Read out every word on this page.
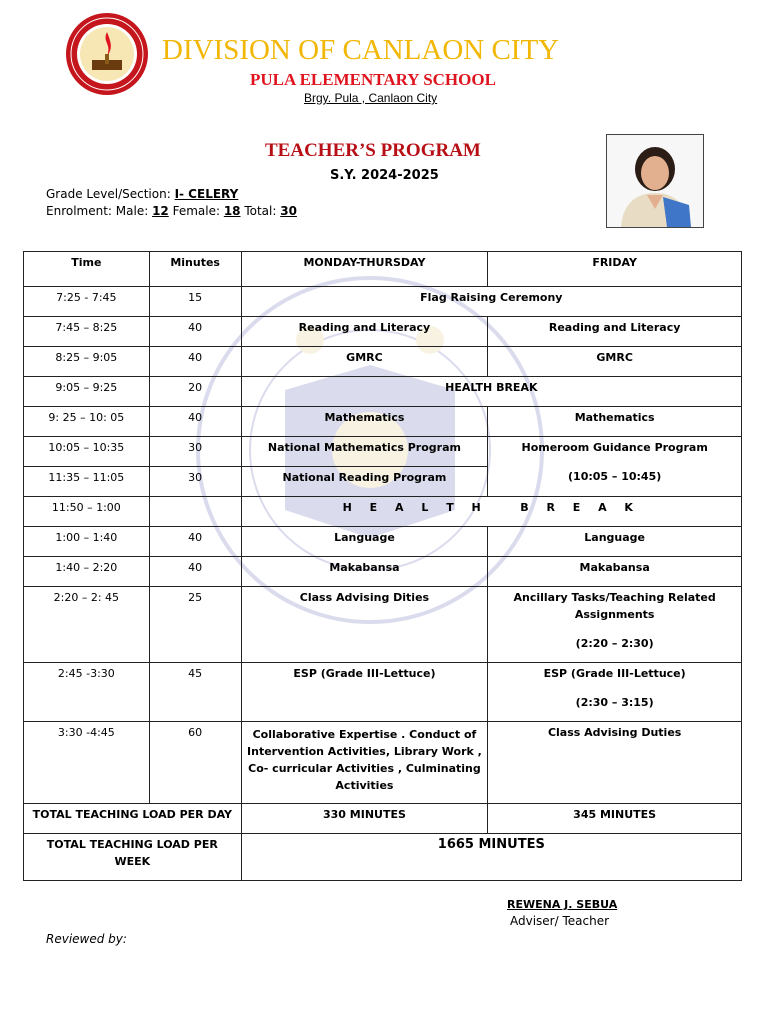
DIVISION OF CANLAON CITY
PULA ELEMENTARY SCHOOL
Brgy. Pula , Canlaon City
TEACHER’S PROGRAM
S.Y. 2024-2025
Grade Level/Section: I- CELERY
Enrolment: Male: 12 Female: 18 Total: 30
Time	Minutes	MONDAY-THURSDAY	FRIDAY
7:25 - 7:45	15	Flag Raising Ceremony	
7:45 – 8:25	40	Reading and Literacy	Reading and Literacy
8:25 – 9:05	40	GMRC	GMRC
9:05 – 9:25	20	HEALTH BREAK	
9: 25 – 10: 05	40	Mathematics	Mathematics
10:05 – 10:35	30	National Mathematics Program	Homeroom Guidance Program
(10:05 – 10:45)

11:35 – 11:05	30	National Reading Program	
11:50 – 1:00		H E A L T H   B R E A K	
1:00 – 1:40	40	Language	Language
1:40 – 2:20	40	Makabansa	Makabansa
2:20 – 2: 45	25	Class Advising Dities	Ancillary Tasks/Teaching Related Assignments
(2:20 – 2:30)

2:45 -3:30	45	ESP (Grade III-Lettuce)	ESP (Grade III-Lettuce)
(2:30 – 3:15)

3:30 -4:45	60	Collaborative Expertise . Conduct of Intervention Activities, Library Work , Co- curricular Activities , Culminating Activities	Class Advising Duties
TOTAL TEACHING LOAD PER DAY		330 MINUTES	345 MINUTES
TOTAL TEACHING LOAD PER WEEK		1665 MINUTES	
REWENA J. SEBUA
Adviser/ Teacher
Reviewed by:
